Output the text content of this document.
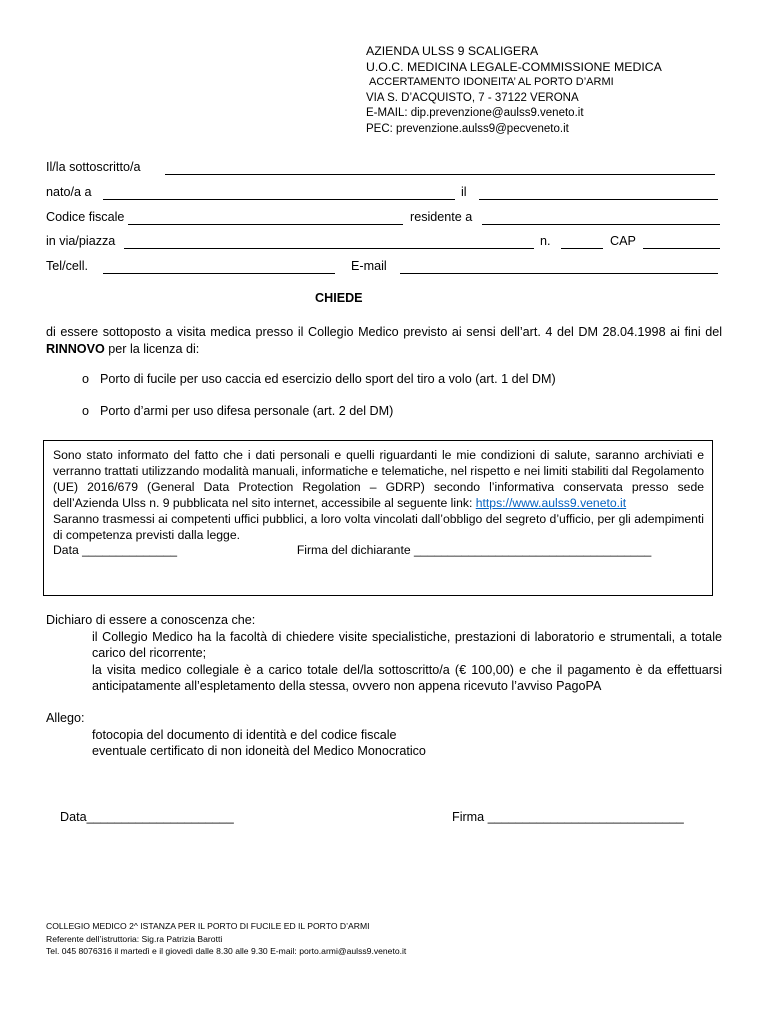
AZIENDA ULSS 9 SCALIGERA
U.O.C. MEDICINA LEGALE-COMMISSIONE MEDICA
ACCERTAMENTO IDONEITA’ AL PORTO D’ARMI
VIA S. D’ACQUISTO, 7 - 37122 VERONA
E-MAIL: dip.prevenzione@aulss9.veneto.it
PEC: prevenzione.aulss9@pecveneto.it
Il/la sottoscritto/a
nato/a a	il
Codice fiscale	residente a
in via/piazza	n.	CAP
Tel/cell.	E-mail
CHIEDE
di essere sottoposto a visita medica presso il Collegio Medico previsto ai sensi dell’art. 4 del DM 28.04.1998 ai fini del RINNOVO per la licenza di:
o Porto di fucile per uso caccia ed esercizio dello sport del tiro a volo (art. 1 del DM)
o Porto d’armi per uso difesa personale (art. 2 del DM)
Sono stato informato del fatto che i dati personali e quelli riguardanti le mie condizioni di salute, saranno archiviati e verranno trattati utilizzando modalità manuali, informatiche e telematiche, nel rispetto e nei limiti stabiliti dal Regolamento (UE) 2016/679 (General Data Protection Regolation – GDRP) secondo l’informativa conservata presso sede dell’Azienda Ulss n. 9 pubblicata nel sito internet, accessibile al seguente link: https://www.aulss9.veneto.it
Saranno trasmessi ai competenti uffici pubblici, a loro volta vincolati dall’obbligo del segreto d’ufficio, per gli adempimenti di competenza previsti dalla legge.
Data ______________	Firma del dichiarante ___________________________________
Dichiaro di essere a conoscenza che:
il Collegio Medico ha la facoltà di chiedere visite specialistiche, prestazioni di laboratorio e strumentali, a totale carico del ricorrente;
la visita medico collegiale è a carico totale del/la sottoscritto/a (€ 100,00) e che il pagamento è da effettuarsi anticipatamente all’espletamento della stessa, ovvero non appena ricevuto l’avviso PagoPA
Allego:
fotocopia del documento di identità e del codice fiscale
eventuale certificato di non idoneità del Medico Monocratico
Data_____________________	Firma ____________________________
COLLEGIO MEDICO 2^ ISTANZA PER IL PORTO DI FUCILE ED IL PORTO D’ARMI
Referente dell’istruttoria: Sig.ra Patrizia Barotti
Tel. 045 8076316 il martedì e il giovedì dalle 8.30 alle 9.30 E-mail: porto.armi@aulss9.veneto.it
